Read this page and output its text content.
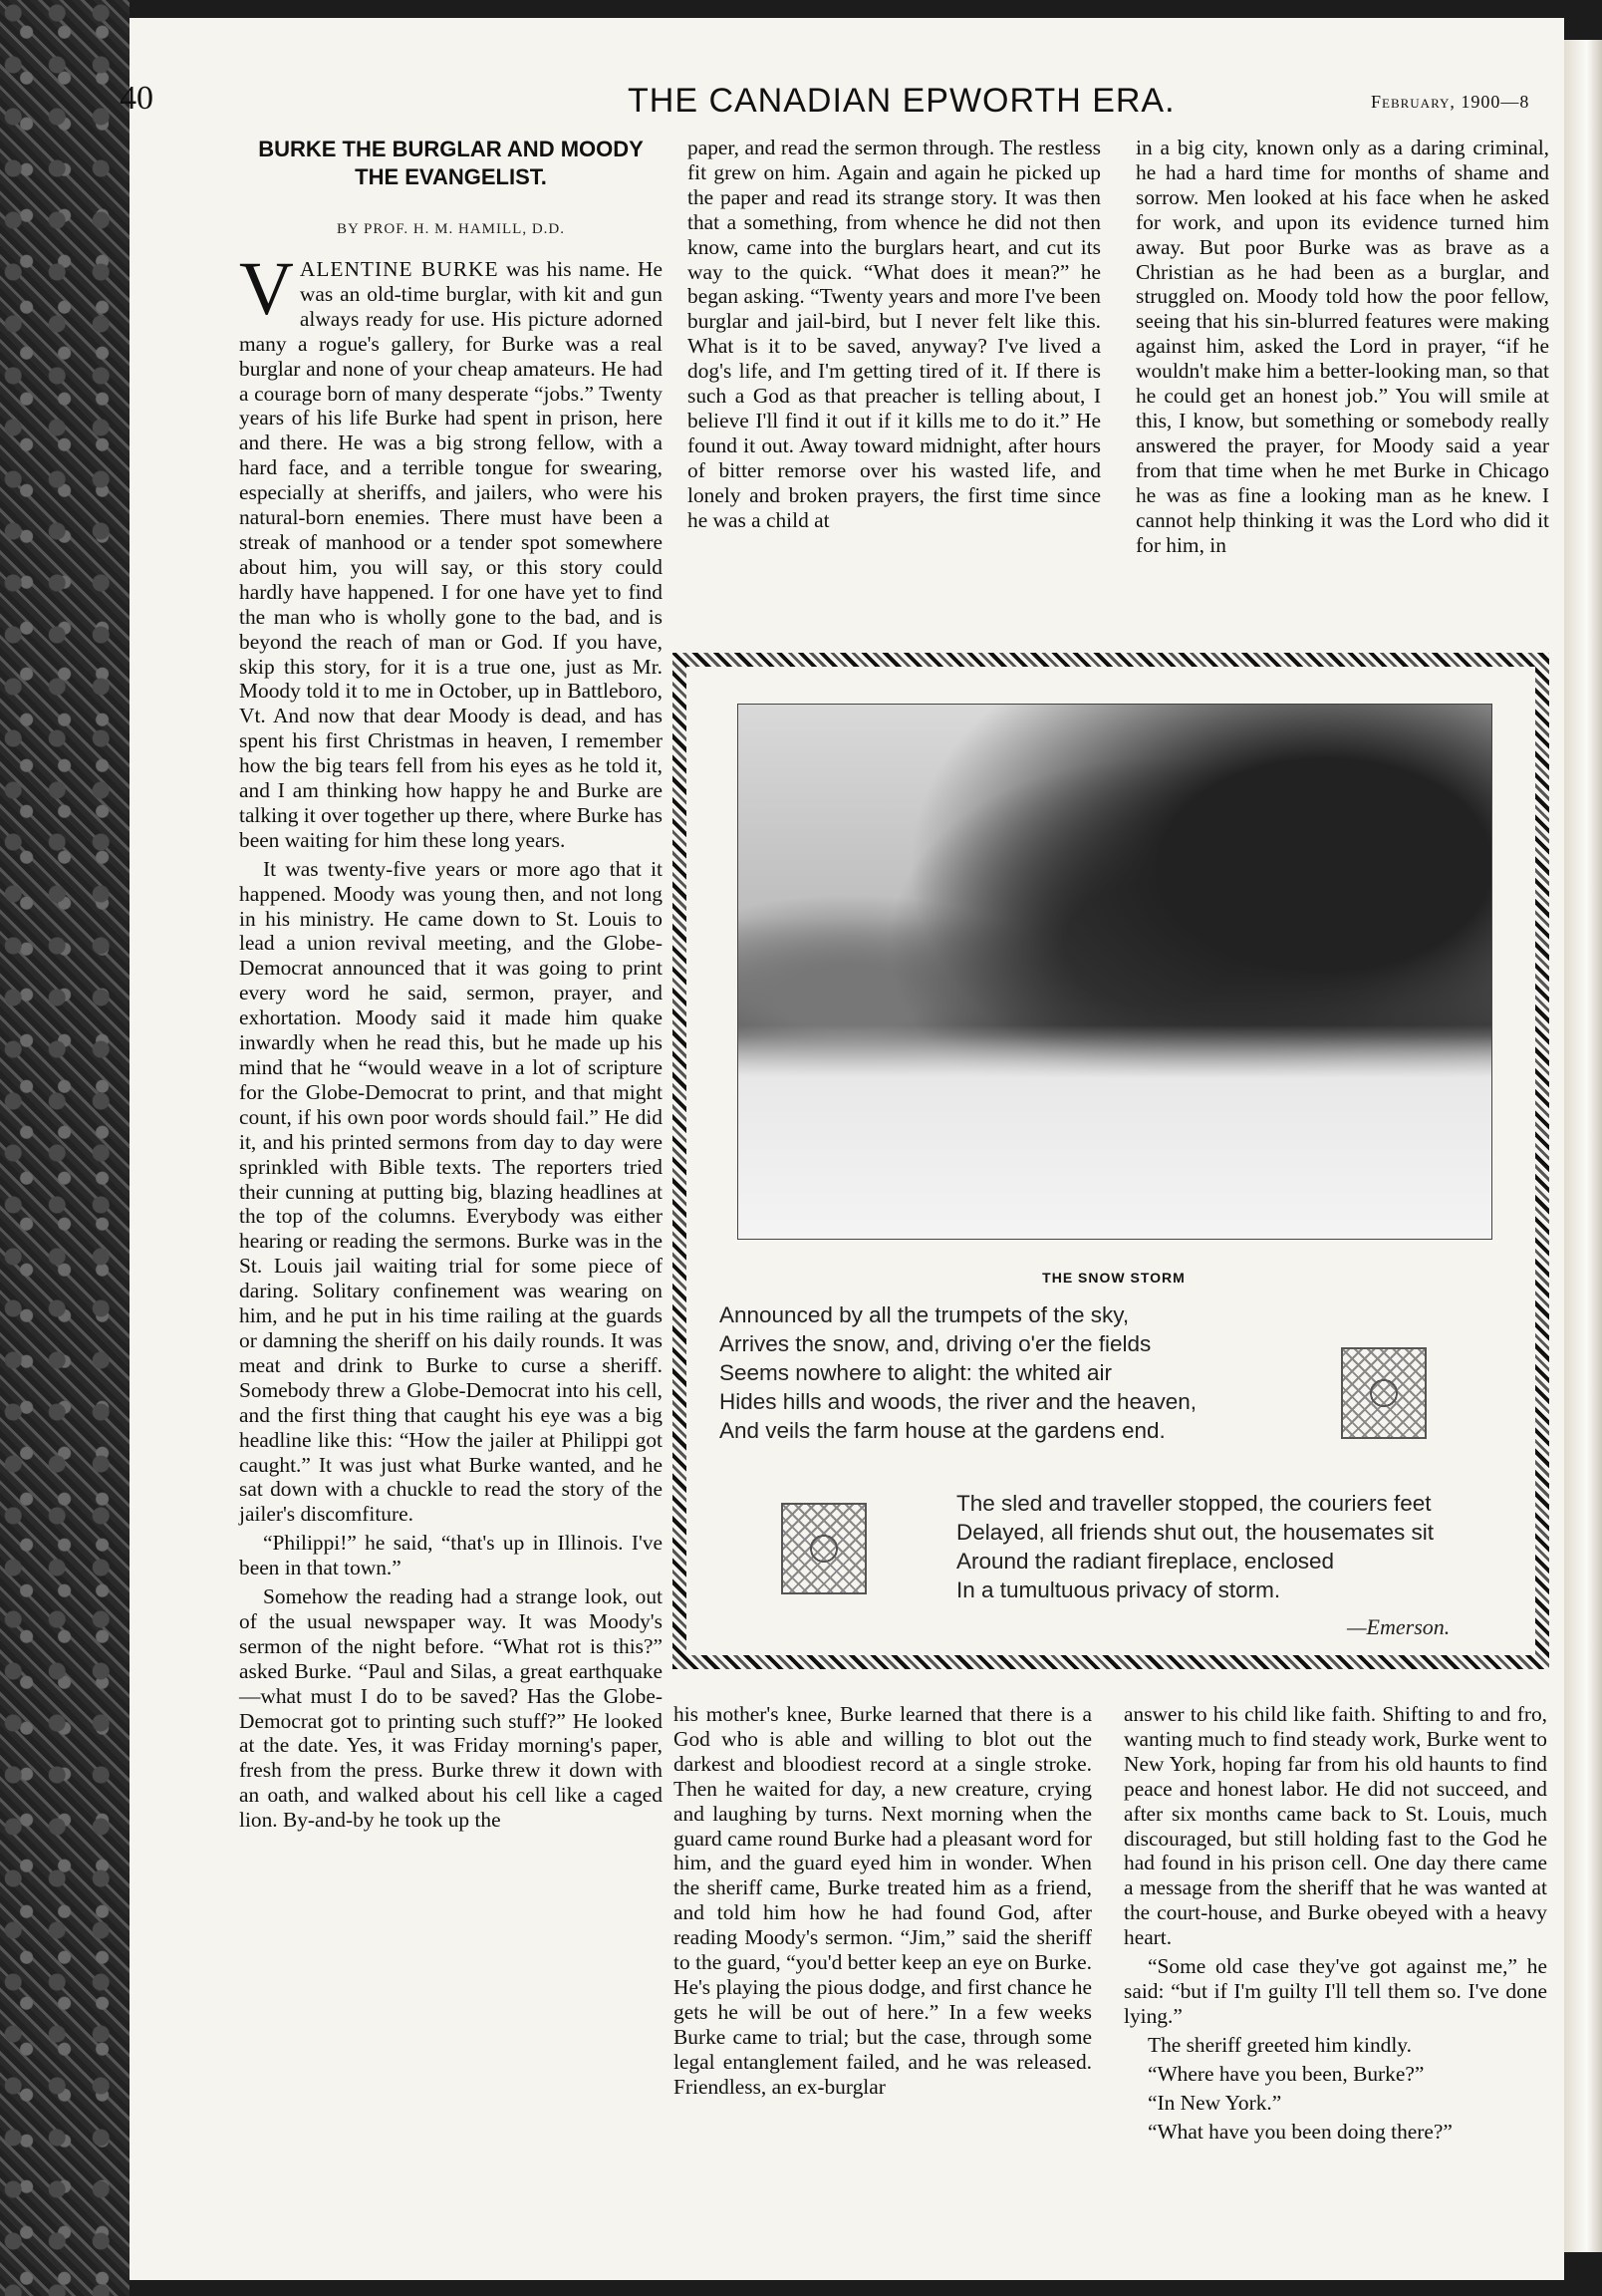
40	THE CANADIAN EPWORTH ERA.	February, 1900—8
BURKE THE BURGLAR AND MOODY THE EVANGELIST.
BY PROF. H. M. HAMILL, D.D.

VALENTINE BURKE was his name. He was an old-time burglar, with kit and gun always ready for use. His picture adorned many a rogue's gallery, for Burke was a real burglar and none of your cheap amateurs. He had a courage born of many desperate “jobs.” Twenty years of his life Burke had spent in prison, here and there. He was a big strong fellow, with a hard face, and a terrible tongue for swearing, especially at sheriffs, and jailers, who were his natural-born enemies. There must have been a streak of manhood or a tender spot somewhere about him, you will say, or this story could hardly have happened. I for one have yet to find the man who is wholly gone to the bad, and is beyond the reach of man or God. If you have, skip this story, for it is a true one, just as Mr. Moody told it to me in October, up in Battleboro, Vt. And now that dear Moody is dead, and has spent his first Christmas in heaven, I remember how the big tears fell from his eyes as he told it, and I am thinking how happy he and Burke are talking it over together up there, where Burke has been waiting for him these long years.

It was twenty-five years or more ago that it happened. Moody was young then, and not long in his ministry. He came down to St. Louis to lead a union revival meeting, and the Globe-Democrat announced that it was going to print every word he said, sermon, prayer, and exhortation. Moody said it made him quake inwardly when he read this, but he made up his mind that he “would weave in a lot of scripture for the Globe-Democrat to print, and that might count, if his own poor words should fail.” He did it, and his printed sermons from day to day were sprinkled with Bible texts. The reporters tried their cunning at putting big, blazing headlines at the top of the columns. Everybody was either hearing or reading the sermons. Burke was in the St. Louis jail waiting trial for some piece of daring. Solitary confinement was wearing on him, and he put in his time railing at the guards or damning the sheriff on his daily rounds. It was meat and drink to Burke to curse a sheriff. Somebody threw a Globe-Democrat into his cell, and the first thing that caught his eye was a big headline like this: “How the jailer at Philippi got caught.” It was just what Burke wanted, and he sat down with a chuckle to read the story of the jailer's discomfiture.

“Philippi!” he said, “that's up in Illinois. I've been in that town.”

Somehow the reading had a strange look, out of the usual newspaper way. It was Moody's sermon of the night before. “What rot is this?” asked Burke. “Paul and Silas, a great earthquake—what must I do to be saved? Has the Globe-Democrat got to printing such stuff?” He looked at the date. Yes, it was Friday morning's paper, fresh from the press. Burke threw it down with an oath, and walked about his cell like a caged lion. By-and-by he took up the

paper, and read the sermon through. The restless fit grew on him. Again and again he picked up the paper and read its strange story. It was then that a something, from whence he did not then know, came into the burglars heart, and cut its way to the quick. “What does it mean?” he began asking. “Twenty years and more I've been burglar and jail-bird, but I never felt like this. What is it to be saved, anyway? I've lived a dog's life, and I'm getting tired of it. If there is such a God as that preacher is telling about, I believe I'll find it out if it kills me to do it.” He found it out. Away toward midnight, after hours of bitter remorse over his wasted life, and lonely and broken prayers, the first time since he was a child at

in a big city, known only as a daring criminal, he had a hard time for months of shame and sorrow. Men looked at his face when he asked for work, and upon its evidence turned him away. But poor Burke was as brave as a Christian as he had been as a burglar, and struggled on. Moody told how the poor fellow, seeing that his sin-blurred features were making against him, asked the Lord in prayer, “if he wouldn't make him a better-looking man, so that he could get an honest job.” You will smile at this, I know, but something or somebody really answered the prayer, for Moody said a year from that time when he met Burke in Chicago he was as fine a looking man as he knew. I cannot help thinking it was the Lord who did it for him, in

THE SNOW STORM
Announced by all the trumpets of the sky,
Arrives the snow, and, driving o'er the fields
Seems nowhere to alight: the whited air
Hides hills and woods, the river and the heaven,
And veils the farm house at the gardens end.
The sled and traveller stopped, the couriers feet
Delayed, all friends shut out, the housemates sit
Around the radiant fireplace, enclosed
In a tumultuous privacy of storm.
—Emerson.

his mother's knee, Burke learned that there is a God who is able and willing to blot out the darkest and bloodiest record at a single stroke. Then he waited for day, a new creature, crying and laughing by turns. Next morning when the guard came round Burke had a pleasant word for him, and the guard eyed him in wonder. When the sheriff came, Burke treated him as a friend, and told him how he had found God, after reading Moody's sermon. “Jim,” said the sheriff to the guard, “you'd better keep an eye on Burke. He's playing the pious dodge, and first chance he gets he will be out of here.” In a few weeks Burke came to trial; but the case, through some legal entanglement failed, and he was released. Friendless, an ex-burglar

answer to his child like faith. Shifting to and fro, wanting much to find steady work, Burke went to New York, hoping far from his old haunts to find peace and honest labor. He did not succeed, and after six months came back to St. Louis, much discouraged, but still holding fast to the God he had found in his prison cell. One day there came a message from the sheriff that he was wanted at the court-house, and Burke obeyed with a heavy heart.

“Some old case they've got against me,” he said: “but if I'm guilty I'll tell them so. I've done lying.”

The sheriff greeted him kindly.

“Where have you been, Burke?”

“In New York.”

“What have you been doing there?”
